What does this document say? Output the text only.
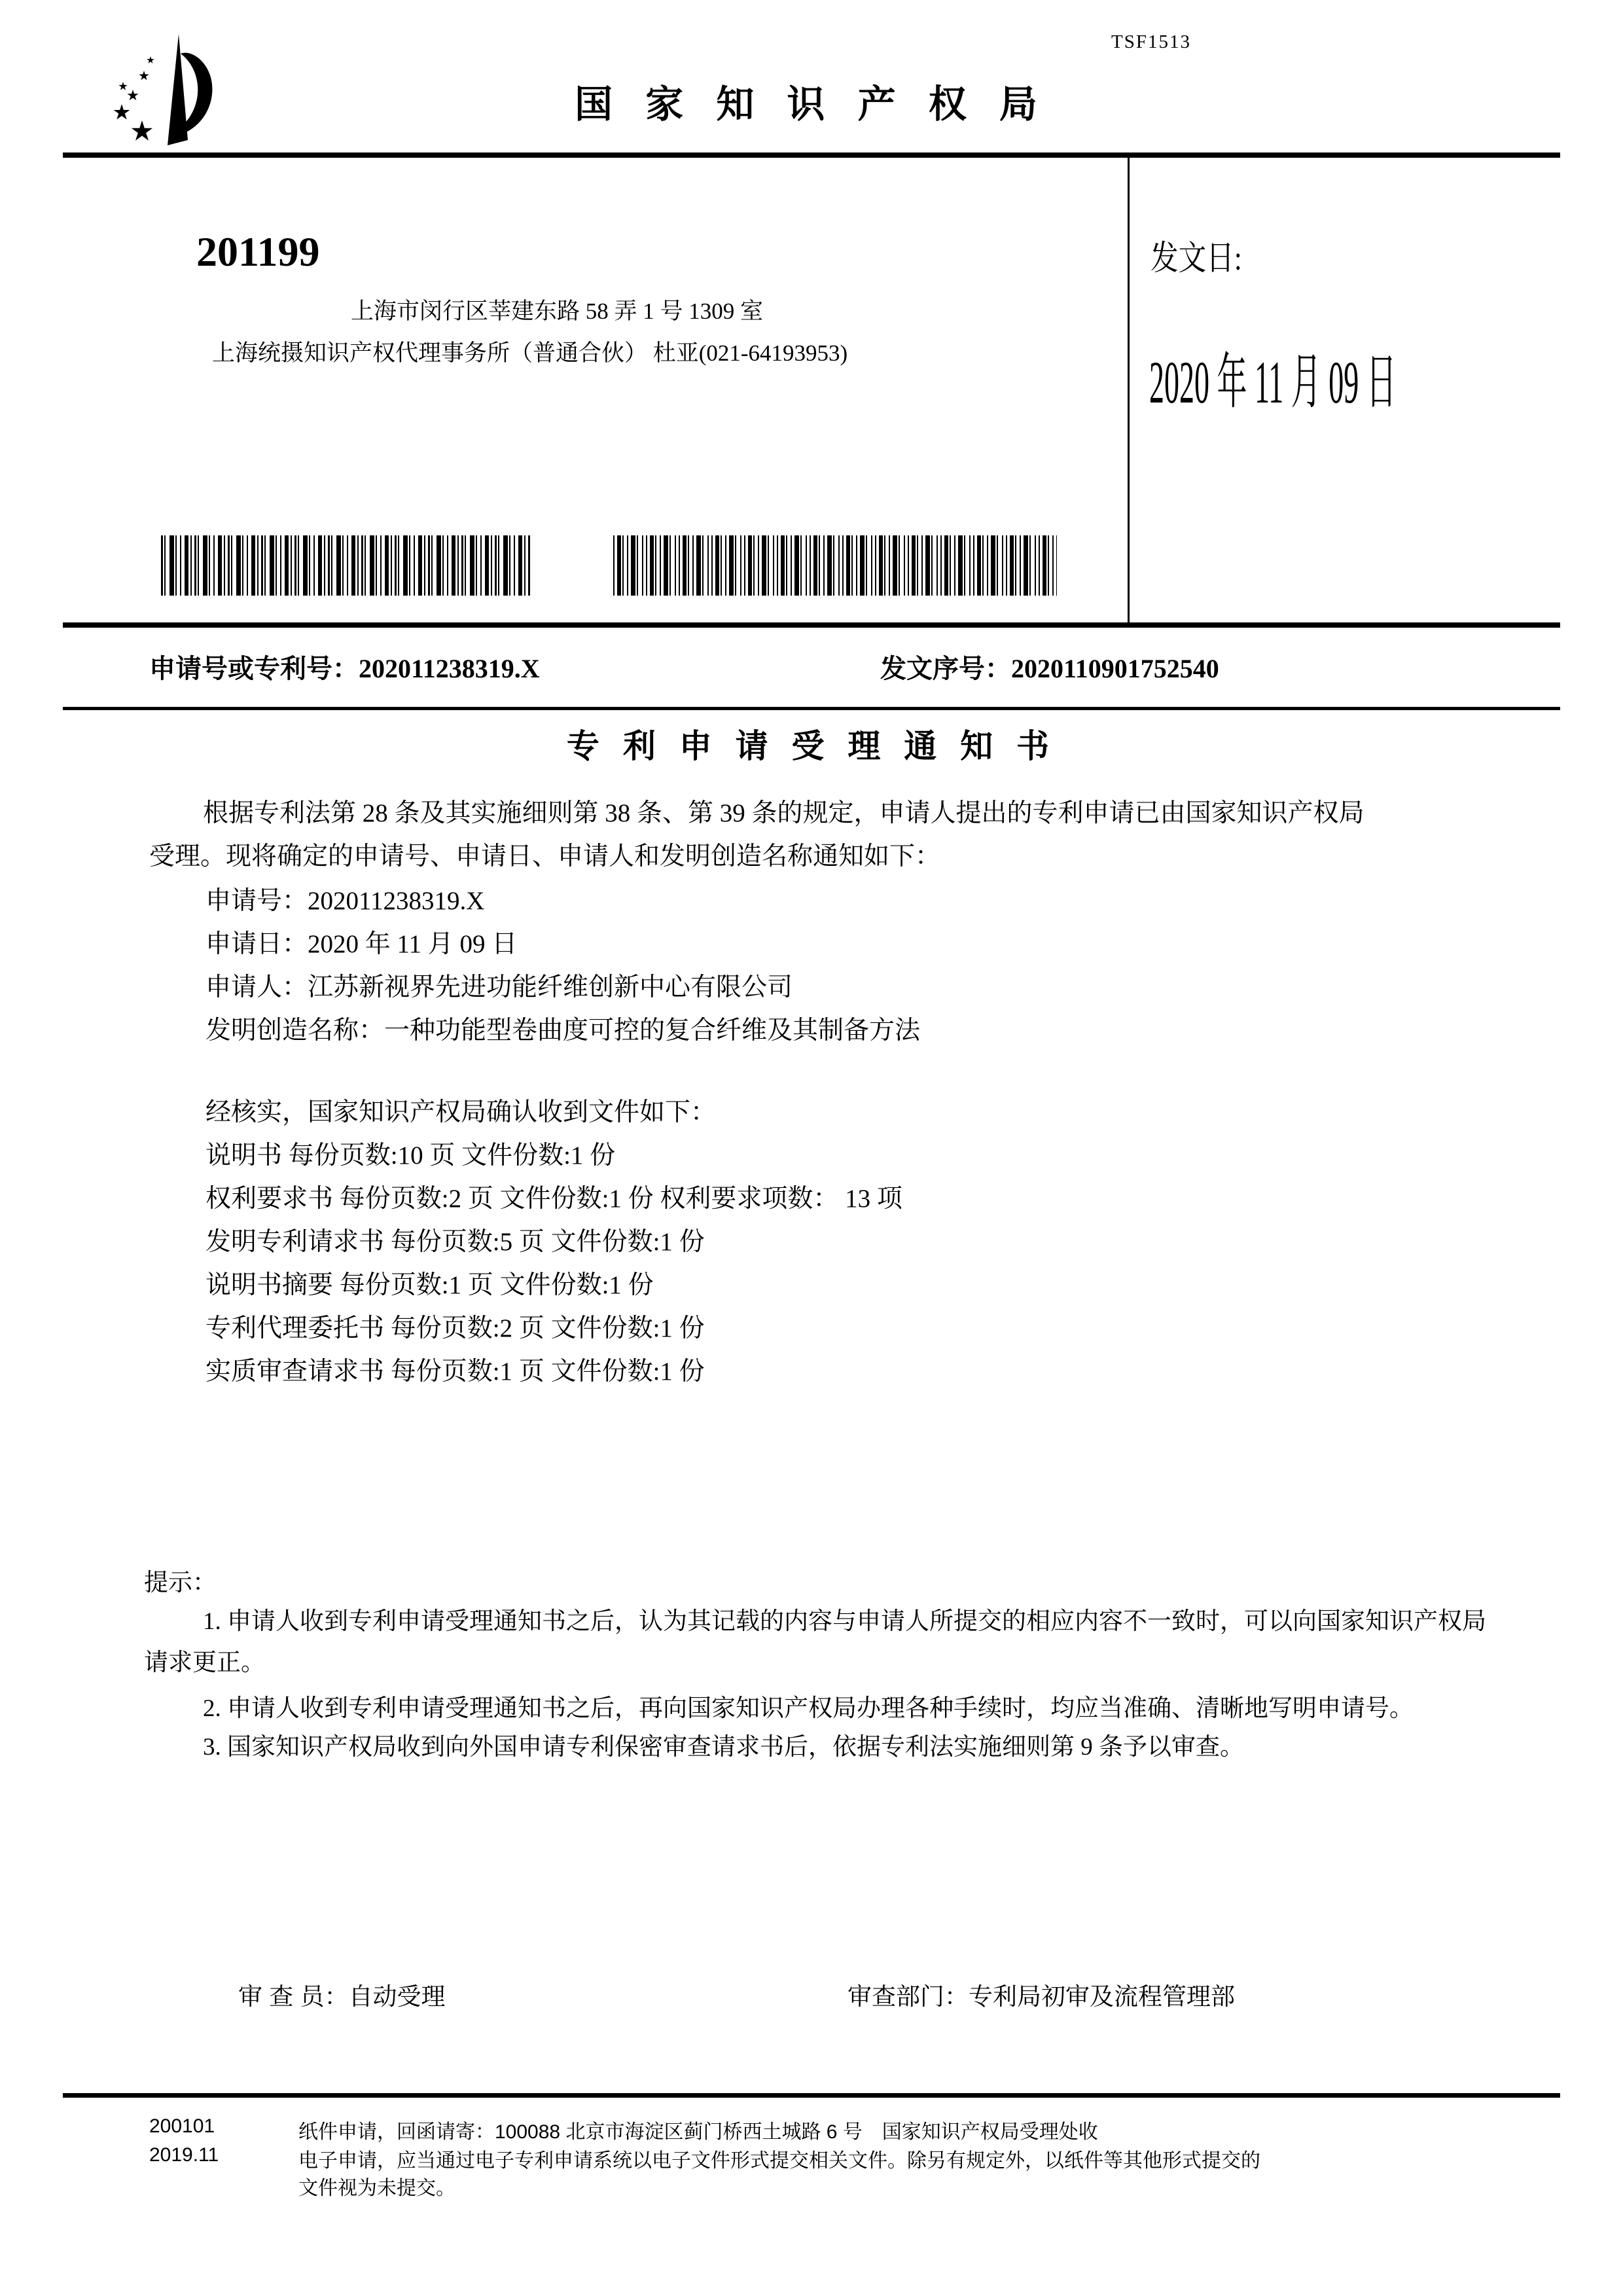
TSF1513
国 家 知 识 产 权 局
201199
上海市闵行区莘建东路 58 弄 1 号 1309 室
上海统摄知识产权代理事务所（普通合伙） 杜亚(021-64193953)
发文日:
2020 年 11 月 09 日
申请号或专利号：202011238319.X	发文序号：2020110901752540
专 利 申 请 受 理 通 知 书
根据专利法第 28 条及其实施细则第 38 条、第 39 条的规定，申请人提出的专利申请已由国家知识产权局
受理。现将确定的申请号、申请日、申请人和发明创造名称通知如下：
申请号：202011238319.X
申请日：2020 年 11 月 09 日
申请人：江苏新视界先进功能纤维创新中心有限公司
发明创造名称：一种功能型卷曲度可控的复合纤维及其制备方法
经核实，国家知识产权局确认收到文件如下：
说明书 每份页数:10 页 文件份数:1 份
权利要求书 每份页数:2 页 文件份数:1 份 权利要求项数： 13 项
发明专利请求书 每份页数:5 页 文件份数:1 份
说明书摘要 每份页数:1 页 文件份数:1 份
专利代理委托书 每份页数:2 页 文件份数:1 份
实质审查请求书 每份页数:1 页 文件份数:1 份
提示：
1. 申请人收到专利申请受理通知书之后，认为其记载的内容与申请人所提交的相应内容不一致时，可以向国家知识产权局
请求更正。
2. 申请人收到专利申请受理通知书之后，再向国家知识产权局办理各种手续时，均应当准确、清晰地写明申请号。
3. 国家知识产权局收到向外国申请专利保密审查请求书后，依据专利法实施细则第 9 条予以审查。
审 查 员：自动受理	审查部门：专利局初审及流程管理部
200101
2019.11
纸件申请，回函请寄：100088 北京市海淀区蓟门桥西土城路 6 号　国家知识产权局受理处收
电子申请，应当通过电子专利申请系统以电子文件形式提交相关文件。除另有规定外，以纸件等其他形式提交的
文件视为未提交。
